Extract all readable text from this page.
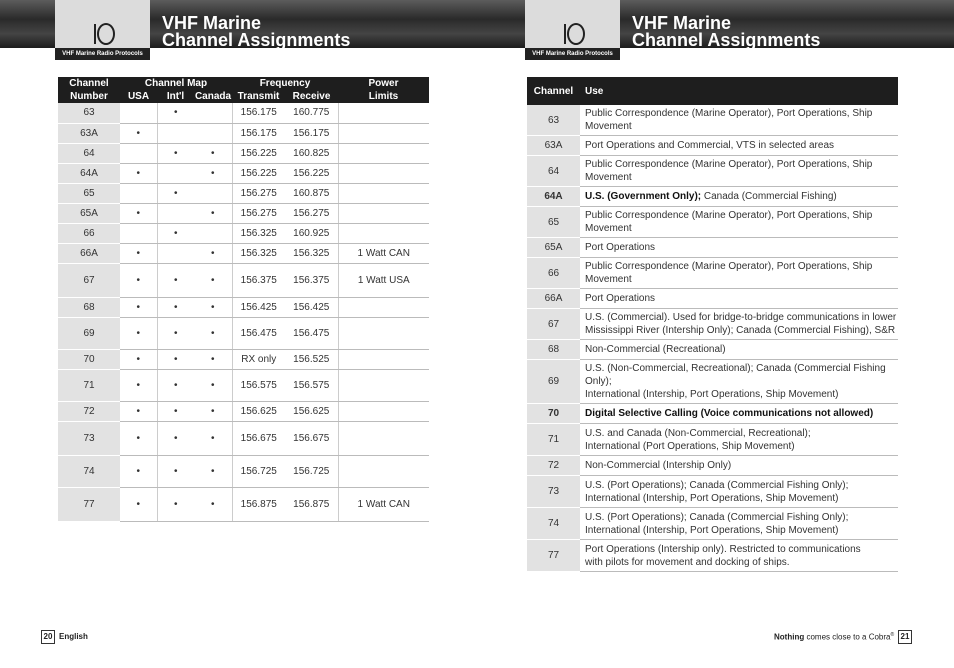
VHF Marine Radio Protocols
VHF Marine
Channel Assignments
Channel	Channel Map			Frequency		Power
Number	USA	Int'l	Canada	Transmit	Receive	Limits
63		•		156.175	160.775	
63A	•			156.175	156.175	
64		•	•	156.225	160.825	
64A	•		•	156.225	156.225	
65		•		156.275	160.875	
65A	•		•	156.275	156.275	
66		•		156.325	160.925	
66A	•		•	156.325	156.325	1 Watt CAN
67	•	•	•	156.375	156.375	1 Watt USA
68	•	•	•	156.425	156.425	
69	•	•	•	156.475	156.475	
70	•	•	•	RX only	156.525	
71	•	•	•	156.575	156.575	
72	•	•	•	156.625	156.625	
73	•	•	•	156.675	156.675	
74	•	•	•	156.725	156.725	
77	•	•	•	156.875	156.875	1 Watt CAN
20 English
VHF Marine Radio Protocols
VHF Marine
Channel Assignments
Channel	Use
63	Public Correspondence (Marine Operator), Port Operations, Ship Movement
63A	Port Operations and Commercial, VTS in selected areas
64	Public Correspondence (Marine Operator), Port Operations, Ship Movement
64A	U.S. (Government Only); Canada (Commercial Fishing)
65	Public Correspondence (Marine Operator), Port Operations, Ship Movement
65A	Port Operations
66	Public Correspondence (Marine Operator), Port Operations, Ship Movement
66A	Port Operations
67	U.S. (Commercial). Used for bridge-to-bridge communications in lower
Mississippi River (Intership Only); Canada (Commercial Fishing), S&R
68	Non-Commercial (Recreational)
69	U.S. (Non-Commercial, Recreational); Canada (Commercial Fishing Only);
International (Intership, Port Operations, Ship Movement)
70	Digital Selective Calling (Voice communications not allowed)
71	U.S. and Canada (Non-Commercial, Recreational);
International (Port Operations, Ship Movement)
72	Non-Commercial (Intership Only)
73	U.S. (Port Operations); Canada (Commercial Fishing Only);
International (Intership, Port Operations, Ship Movement)
74	U.S. (Port Operations); Canada (Commercial Fishing Only);
International (Intership, Port Operations, Ship Movement)
77	Port Operations (Intership only). Restricted to communications
with pilots for movement and docking of ships.
Nothing comes close to a Cobra® 21
